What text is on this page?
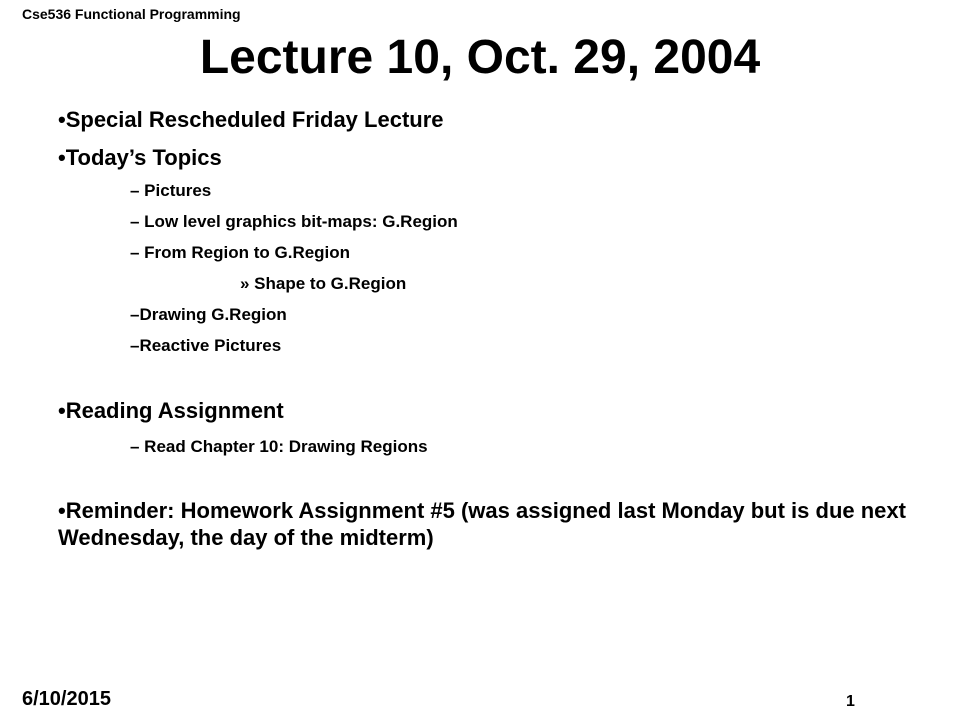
Cse536 Functional Programming
Lecture 10, Oct. 29, 2004
•Special Rescheduled Friday Lecture
•Today’s Topics
– Pictures
– Low level graphics bit-maps: G.Region
– From Region to G.Region
» Shape to G.Region
–Drawing G.Region
–Reactive Pictures
•Reading Assignment
– Read Chapter 10: Drawing Regions
•Reminder: Homework Assignment #5 (was assigned last Monday but is due next Wednesday, the day of the midterm)
6/10/2015	1
